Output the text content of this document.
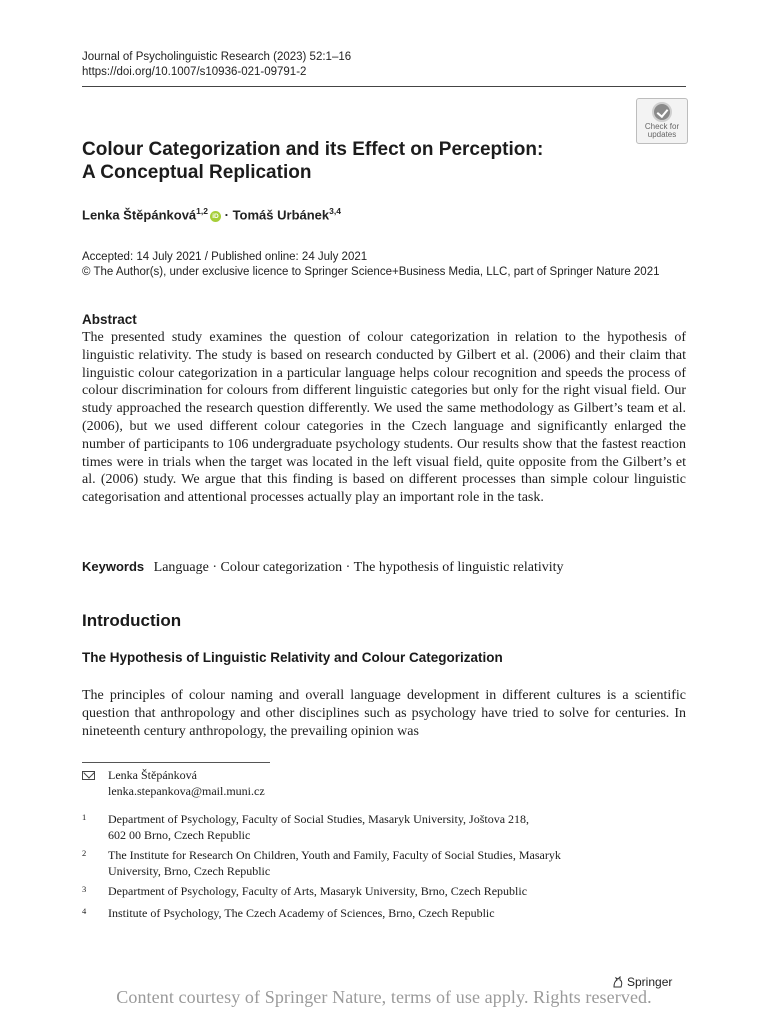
Journal of Psycholinguistic Research (2023) 52:1–16
https://doi.org/10.1007/s10936-021-09791-2
Check for
updates
Colour Categorization and its Effect on Perception:
A Conceptual Replication
Lenka Štěpánková$^{1,2}$iD · Tomáš Urbánek$^{3,4}$
Accepted: 14 July 2021 / Published online: 24 July 2021
© The Author(s), under exclusive licence to Springer Science+Business Media, LLC, part of Springer Nature 2021
Abstract
The presented study examines the question of colour categorization in relation to the hypothesis of linguistic relativity. The study is based on research conducted by Gilbert et al. (2006) and their claim that linguistic colour categorization in a particular language helps colour recognition and speeds the process of colour discrimination for colours from different linguistic categories but only for the right visual field. Our study approached the research question differently. We used the same methodology as Gilbert’s team et al. (2006), but we used different colour categories in the Czech language and significantly enlarged the number of participants to 106 undergraduate psychology students. Our results show that the fastest reaction times were in trials when the target was located in the left visual field, quite opposite from the Gilbert’s et al. (2006) study. We argue that this finding is based on different processes than simple colour linguistic categorisation and attentional processes actually play an important role in the task.
Keywords Language · Colour categorization · The hypothesis of linguistic relativity
Introduction
The Hypothesis of Linguistic Relativity and Colour Categorization
The principles of colour naming and overall language development in different cultures is a scientific question that anthropology and other disciplines such as psychology have tried to solve for centuries. In nineteenth century anthropology, the prevailing opinion was
Lenka Štěpánková
lenka.stepankova@mail.muni.cz
1 Department of Psychology, Faculty of Social Studies, Masaryk University, Joštova 218,
602 00 Brno, Czech Republic
2 The Institute for Research On Children, Youth and Family, Faculty of Social Studies, Masaryk
University, Brno, Czech Republic
3 Department of Psychology, Faculty of Arts, Masaryk University, Brno, Czech Republic
4 Institute of Psychology, The Czech Academy of Sciences, Brno, Czech Republic
Springer
Content courtesy of Springer Nature, terms of use apply. Rights reserved.
